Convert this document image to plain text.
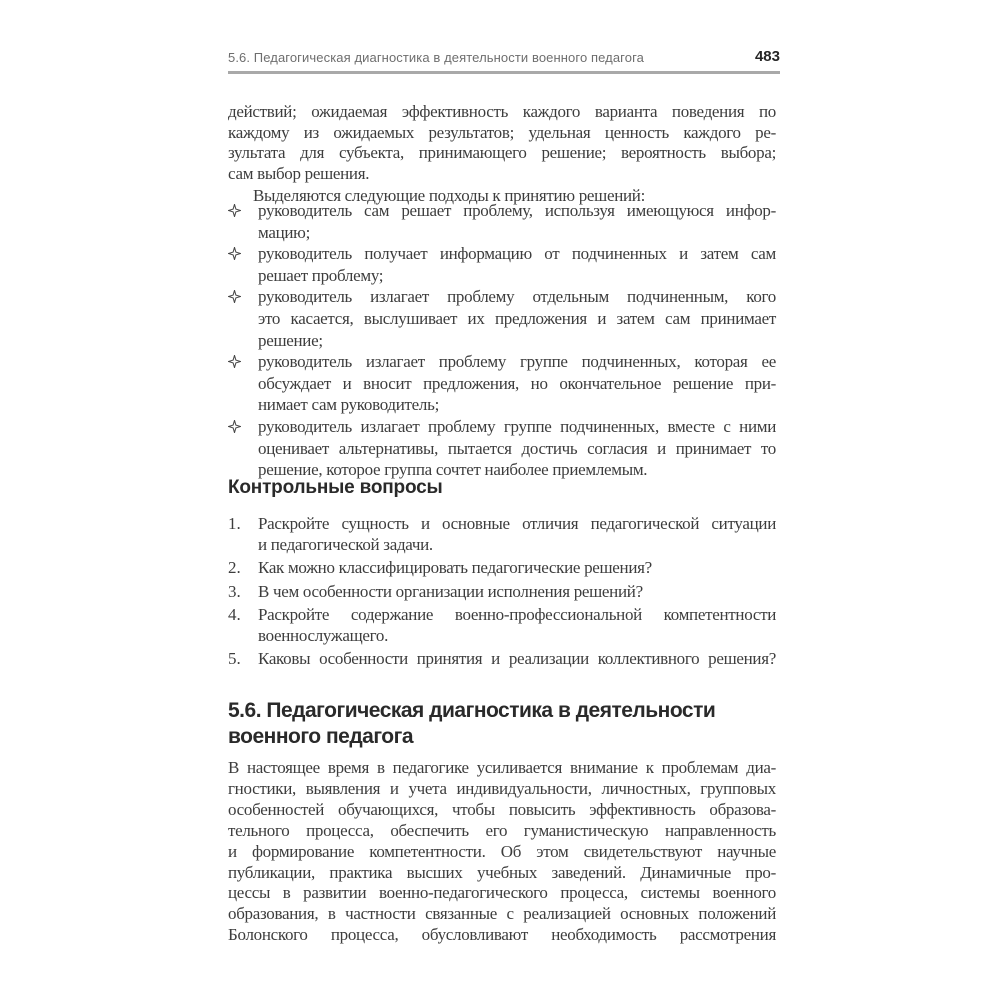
5.6. Педагогическая диагностика в деятельности военного педагога	483
действий; ожидаемая эффективность каждого варианта поведения по
каждому из ожидаемых результатов; удельная ценность каждого ре-
зультата для субъекта, принимающего решение; вероятность выбора;
сам выбор решения.
Выделяются следующие подходы к принятию решений:
руководитель сам решает проблему, используя имеющуюся инфор-
мацию;
руководитель получает информацию от подчиненных и затем сам
решает проблему;
руководитель излагает проблему отдельным подчиненным, кого
это касается, выслушивает их предложения и затем сам принимает
решение;
руководитель излагает проблему группе подчиненных, которая ее
обсуждает и вносит предложения, но окончательное решение при-
нимает сам руководитель;
руководитель излагает проблему группе подчиненных, вместе с ними
оценивает альтернативы, пытается достичь согласия и принимает то
решение, которое группа сочтет наиболее приемлемым.
Контрольные вопросы
1.	Раскройте сущность и основные отличия педагогической ситуации
и педагогической задачи.
2.	Как можно классифицировать педагогические решения?
3.	В чем особенности организации исполнения решений?
4.	Раскройте содержание военно-профессиональной компетентности
военнослужащего.
5.	Каковы особенности принятия и реализации коллективного решения?
5.6. Педагогическая диагностика в деятельности
военного педагога
В настоящее время в педагогике усиливается внимание к проблемам диа-
гностики, выявления и учета индивидуальности, личностных, групповых
особенностей обучающихся, чтобы повысить эффективность образова-
тельного процесса, обеспечить его гуманистическую направленность
и формирование компетентности. Об этом свидетельствуют научные
публикации, практика высших учебных заведений. Динамичные про-
цессы в развитии военно-педагогического процесса, системы военного
образования, в частности связанные с реализацией основных положений
Болонского процесса, обусловливают необходимость рассмотрения
